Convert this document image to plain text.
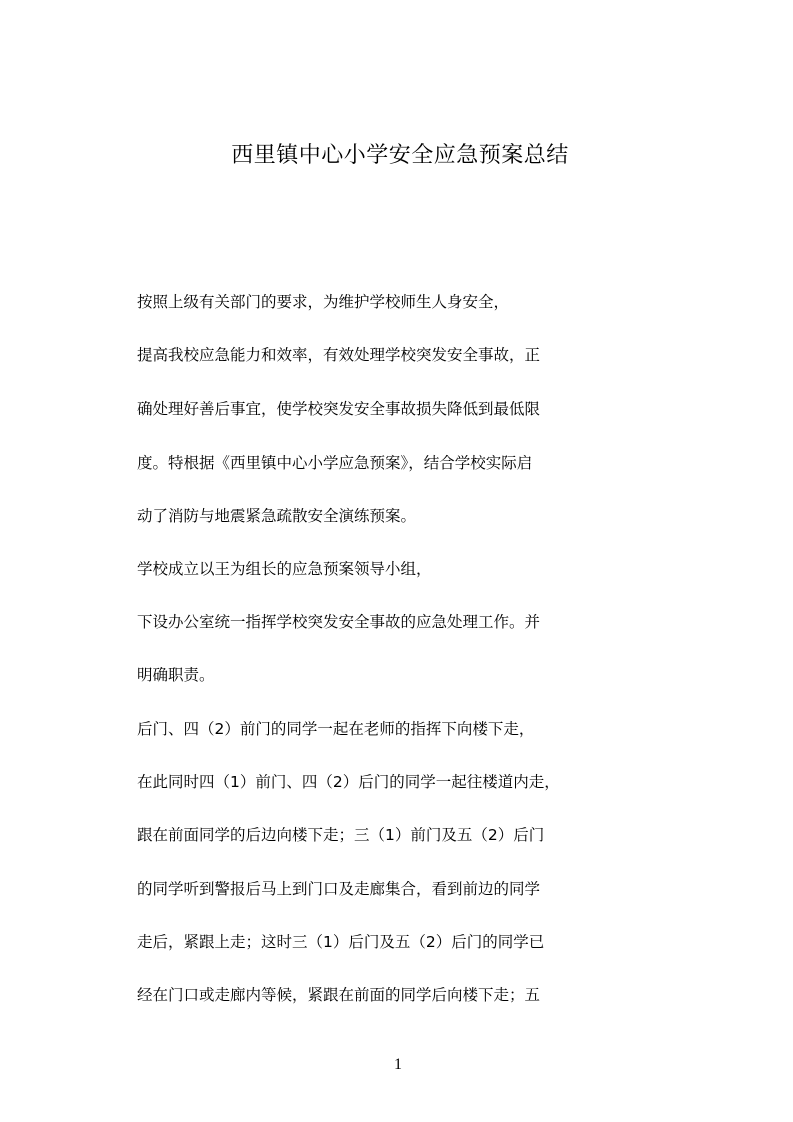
西里镇中心小学安全应急预案总结
按照上级有关部门的要求，为维护学校师生人身安全，
提高我校应急能力和效率，有效处理学校突发安全事故，正
确处理好善后事宜，使学校突发安全事故损失降低到最低限
度。特根据《西里镇中心小学应急预案》，结合学校实际启
动了消防与地震紧急疏散安全演练预案。
学校成立以王为组长的应急预案领导小组，
下设办公室统一指挥学校突发安全事故的应急处理工作。并
明确职责。
后门、四（2）前门的同学一起在老师的指挥下向楼下走，
在此同时四（1）前门、四（2）后门的同学一起往楼道内走，
跟在前面同学的后边向楼下走；三（1）前门及五（2）后门
的同学听到警报后马上到门口及走廊集合，看到前边的同学
走后，紧跟上走；这时三（1）后门及五（2）后门的同学已
经在门口或走廊内等候，紧跟在前面的同学后向楼下走；五
1
